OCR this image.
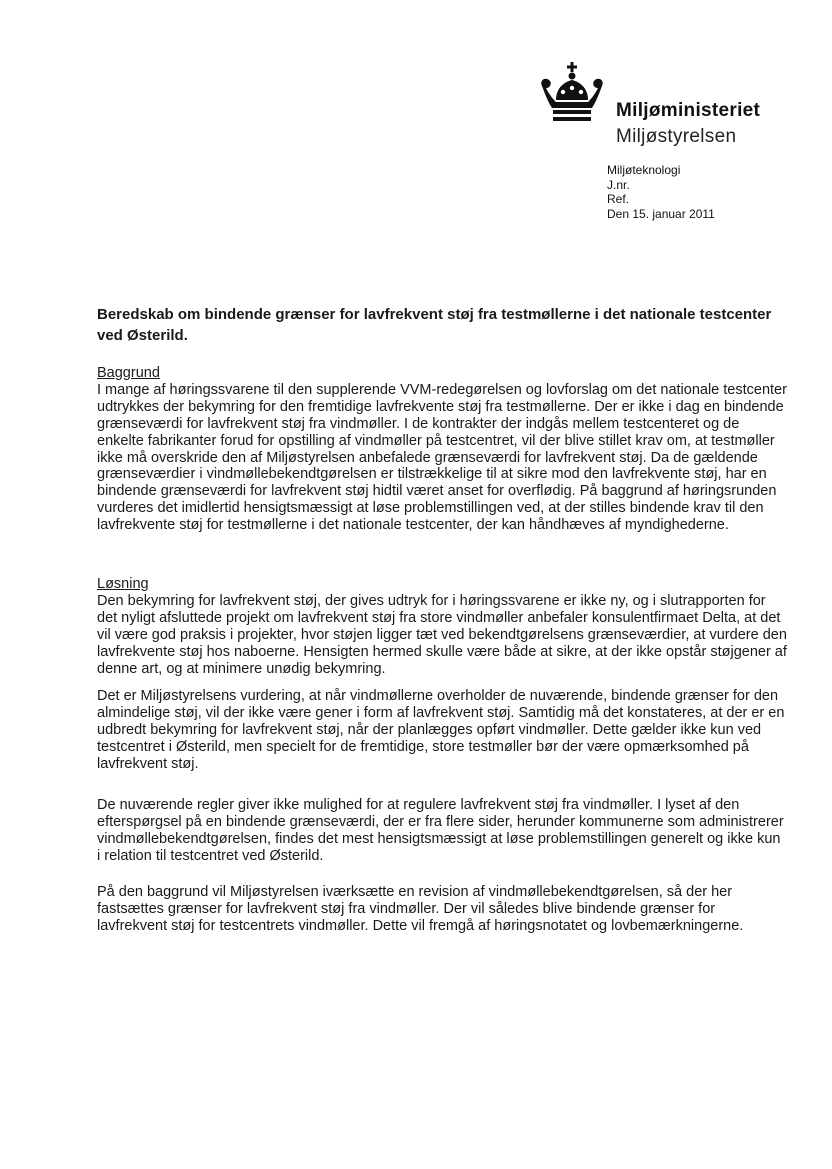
Miljøministeriet
Miljøstyrelsen
Miljøteknologi
J.nr.
Ref.
Den 15. januar 2011
Beredskab om bindende grænser for lavfrekvent støj fra testmøllerne i det nationale testcenter ved Østerild.
Baggrund

I mange af høringssvarene til den supplerende VVM-redegørelsen og lovforslag om det nationale testcenter udtrykkes der bekymring for den fremtidige lavfrekvente støj fra testmøllerne. Der er ikke i dag en bindende grænseværdi for lavfrekvent støj fra vindmøller. I de kontrakter der indgås mellem testcenteret og de enkelte fabrikanter forud for opstilling af vindmøller på testcentret, vil der blive stillet krav om, at testmøller ikke må overskride den af Miljøstyrelsen anbefalede grænseværdi for lavfrekvent støj. Da de gældende grænseværdier i vindmøllebekendtgørelsen er tilstrækkelige til at sikre mod den lavfrekvente støj, har en bindende grænseværdi for lavfrekvent støj hidtil været anset for overflødig. På baggrund af høringsrunden vurderes det imidlertid hensigtsmæssigt at løse problemstillingen ved, at der stilles bindende krav til den lavfrekvente støj for testmøllerne i det nationale testcenter, der kan håndhæves af myndighederne.

Løsning

Den bekymring for lavfrekvent støj, der gives udtryk for i høringssvarene er ikke ny, og i slutrapporten for det nyligt afsluttede projekt om lavfrekvent støj fra store vindmøller anbefaler konsulentfirmaet Delta, at det vil være god praksis i projekter, hvor støjen ligger tæt ved bekendtgørelsens grænseværdier, at vurdere den lavfrekvente støj hos naboerne. Hensigten hermed skulle være både at sikre, at der ikke opstår støjgener af denne art, og at minimere unødig bekymring.

Det er Miljøstyrelsens vurdering, at når vindmøllerne overholder de nuværende, bindende grænser for den almindelige støj, vil der ikke være gener i form af lavfrekvent støj. Samtidig må det konstateres, at der er en udbredt bekymring for lavfrekvent støj, når der planlægges opført vindmøller. Dette gælder ikke kun ved testcentret i Østerild, men specielt for de fremtidige, store testmøller bør der være opmærksomhed på lavfrekvent støj.

De nuværende regler giver ikke mulighed for at regulere lavfrekvent støj fra vindmøller. I lyset af den efterspørgsel på en bindende grænseværdi, der er fra flere sider, herunder kommunerne som administrerer vindmøllebekendtgørelsen, findes det mest hensigtsmæssigt at løse problemstillingen generelt og ikke kun i relation til testcentret ved Østerild.

På den baggrund vil Miljøstyrelsen iværksætte en revision af vindmøllebekendtgørelsen, så der her fastsættes grænser for lavfrekvent støj fra vindmøller. Der vil således blive bindende grænser for lavfrekvent støj for testcentrets vindmøller. Dette vil fremgå af høringsnotatet og lovbemærkningerne.
